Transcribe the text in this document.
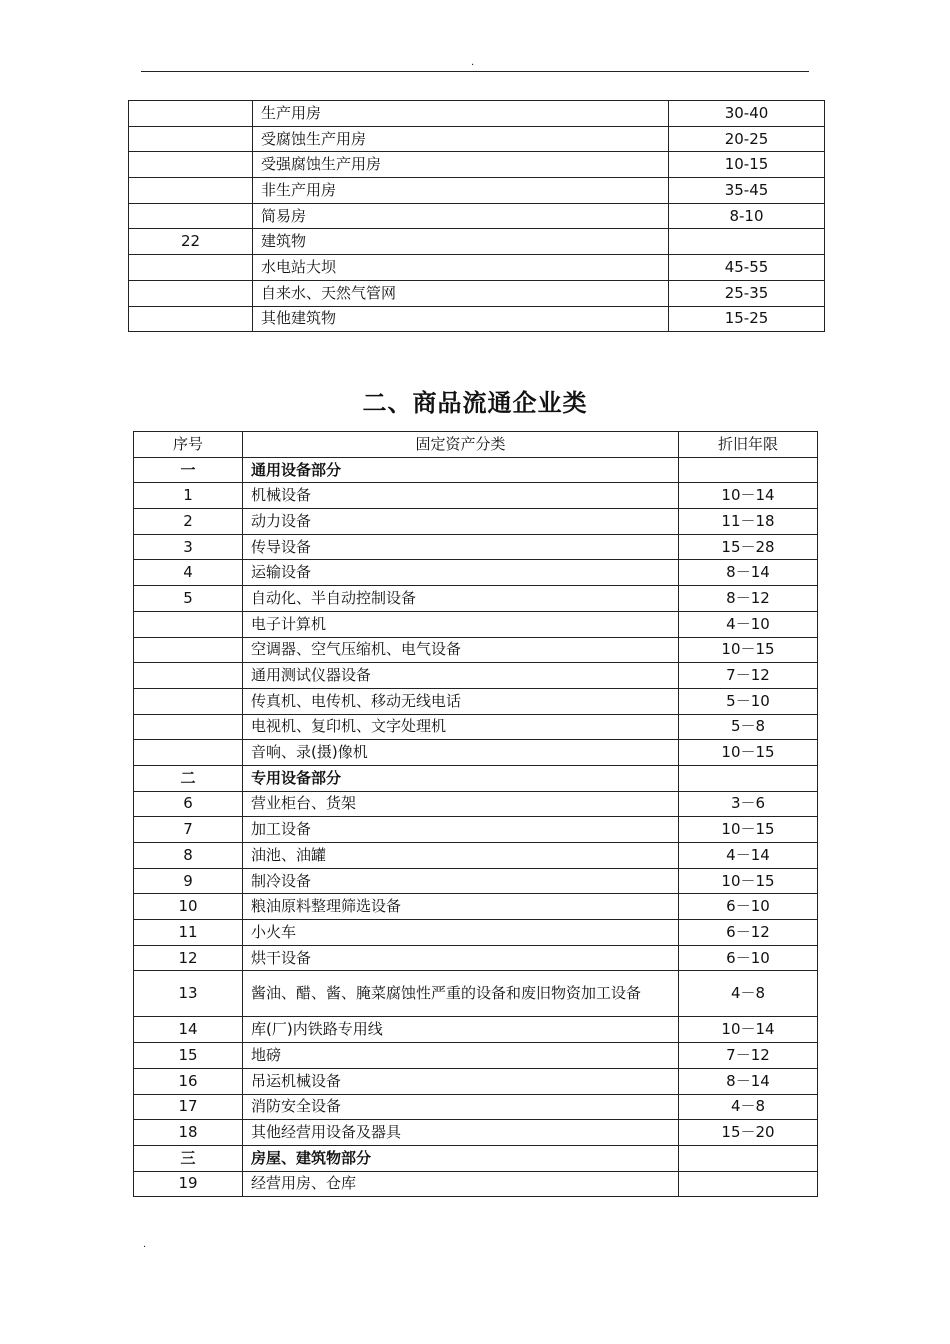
.
	生产用房	30-40
	受腐蚀生产用房	20-25
	受强腐蚀生产用房	10-15
	非生产用房	35-45
	简易房	8-10
22	建筑物	
	水电站大坝	45-55
	自来水、天然气管网	25-35
	其他建筑物	15-25
二、商品流通企业类
序号	固定资产分类	折旧年限
一	通用设备部分	
1	机械设备	10－14
2	动力设备	11－18
3	传导设备	15－28
4	运输设备	8－14
5	自动化、半自动控制设备	8－12
	电子计算机	4－10
	空调器、空气压缩机、电气设备	10－15
	通用测试仪器设备	7－12
	传真机、电传机、移动无线电话	5－10
	电视机、复印机、文字处理机	5－8
	音响、录(摄)像机	10－15
二	专用设备部分	
6	营业柜台、货架	3－6
7	加工设备	10－15
8	油池、油罐	4－14
9	制冷设备	10－15
10	粮油原料整理筛选设备	6－10
11	小火车	6－12
12	烘干设备	6－10
13	酱油、醋、酱、腌菜腐蚀性严重的设备和废旧物资加工设备	4－8
14	库(厂)内铁路专用线	10－14
15	地磅	7－12
16	吊运机械设备	8－14
17	消防安全设备	4－8
18	其他经营用设备及器具	15－20
三	房屋、建筑物部分	
19	经营用房、仓库	
.
